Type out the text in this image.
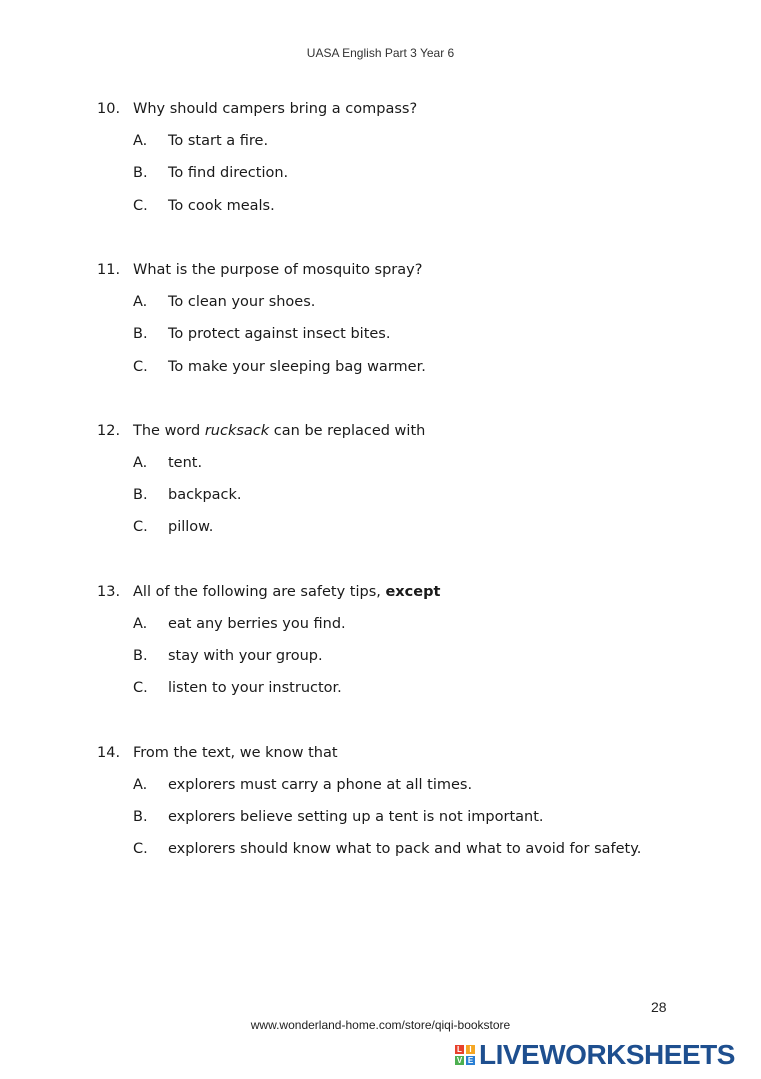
UASA English Part 3 Year 6
10. Why should campers bring a compass?
A. To start a fire.
B. To find direction.
C. To cook meals.
11. What is the purpose of mosquito spray?
A. To clean your shoes.
B. To protect against insect bites.
C. To make your sleeping bag warmer.
12. The word rucksack can be replaced with
A. tent.
B. backpack.
C. pillow.
13. All of the following are safety tips, except
A. eat any berries you find.
B. stay with your group.
C. listen to your instructor.
14. From the text, we know that
A. explorers must carry a phone at all times.
B. explorers believe setting up a tent is not important.
C. explorers should know what to pack and what to avoid for safety.
28
www.wonderland-home.com/store/qiqi-bookstore
L I
V E LIVEWORKSHEETS
